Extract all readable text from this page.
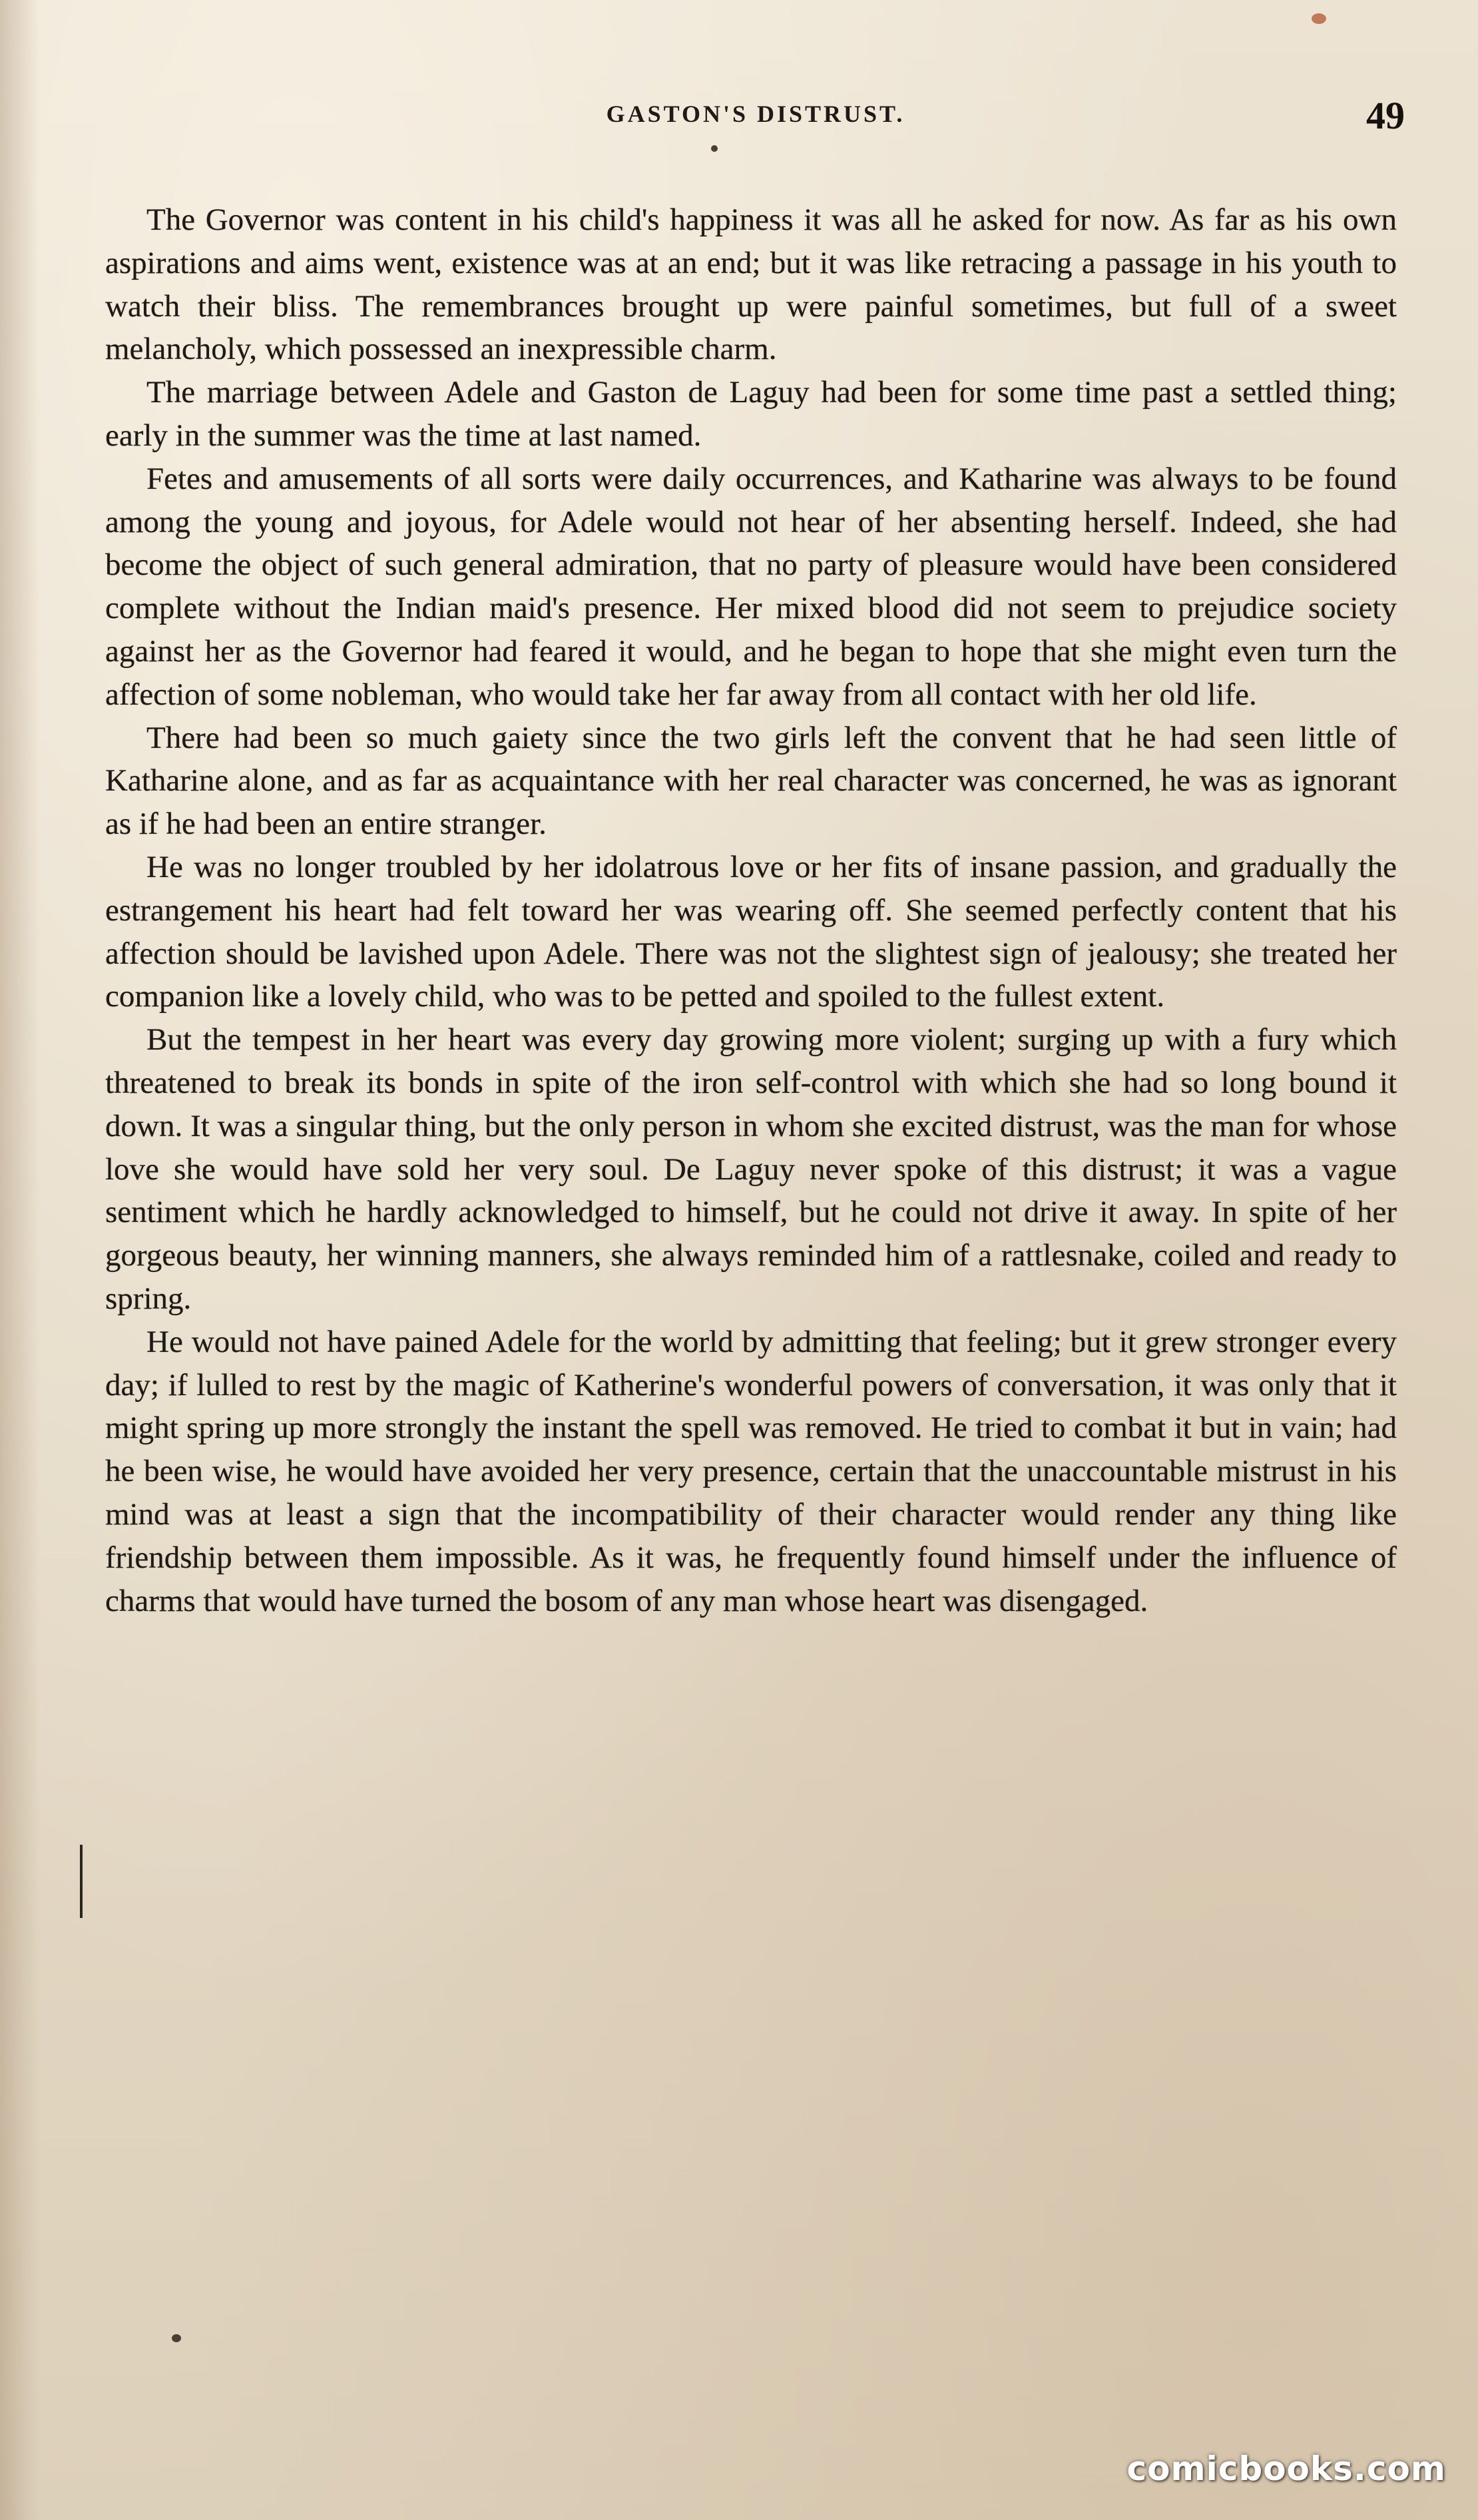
GASTON'S DISTRUST.	49

The Governor was content in his child's happiness it was all he asked for now. As far as his own aspirations and aims went, existence was at an end; but it was like retracing a passage in his youth to watch their bliss. The remembrances brought up were painful sometimes, but full of a sweet melancholy, which possessed an inexpressible charm.

The marriage between Adele and Gaston de Laguy had been for some time past a settled thing; early in the summer was the time at last named.

Fetes and amusements of all sorts were daily occurrences, and Katharine was always to be found among the young and joyous, for Adele would not hear of her absenting herself. Indeed, she had become the object of such general admiration, that no party of pleasure would have been considered complete without the Indian maid's presence. Her mixed blood did not seem to prejudice society against her as the Governor had feared it would, and he began to hope that she might even turn the affection of some nobleman, who would take her far away from all contact with her old life.

There had been so much gaiety since the two girls left the convent that he had seen little of Katharine alone, and as far as acquaintance with her real character was concerned, he was as ignorant as if he had been an entire stranger.

He was no longer troubled by her idolatrous love or her fits of insane passion, and gradually the estrangement his heart had felt toward her was wearing off. She seemed perfectly content that his affection should be lavished upon Adele. There was not the slightest sign of jealousy; she treated her companion like a lovely child, who was to be petted and spoiled to the fullest extent.

But the tempest in her heart was every day growing more violent; surging up with a fury which threatened to break its bonds in spite of the iron self-control with which she had so long bound it down. It was a singular thing, but the only person in whom she excited distrust, was the man for whose love she would have sold her very soul. De Laguy never spoke of this distrust; it was a vague sentiment which he hardly acknowledged to himself, but he could not drive it away. In spite of her gorgeous beauty, her winning manners, she always reminded him of a rattlesnake, coiled and ready to spring.

He would not have pained Adele for the world by admitting that feeling; but it grew stronger every day; if lulled to rest by the magic of Katherine's wonderful powers of conversation, it was only that it might spring up more strongly the instant the spell was removed. He tried to combat it but in vain; had he been wise, he would have avoided her very presence, certain that the unaccountable mistrust in his mind was at least a sign that the incompatibility of their character would render any thing like friendship between them impossible. As it was, he frequently found himself under the influence of charms that would have turned the bosom of any man whose heart was disengaged.

comicbooks.com
